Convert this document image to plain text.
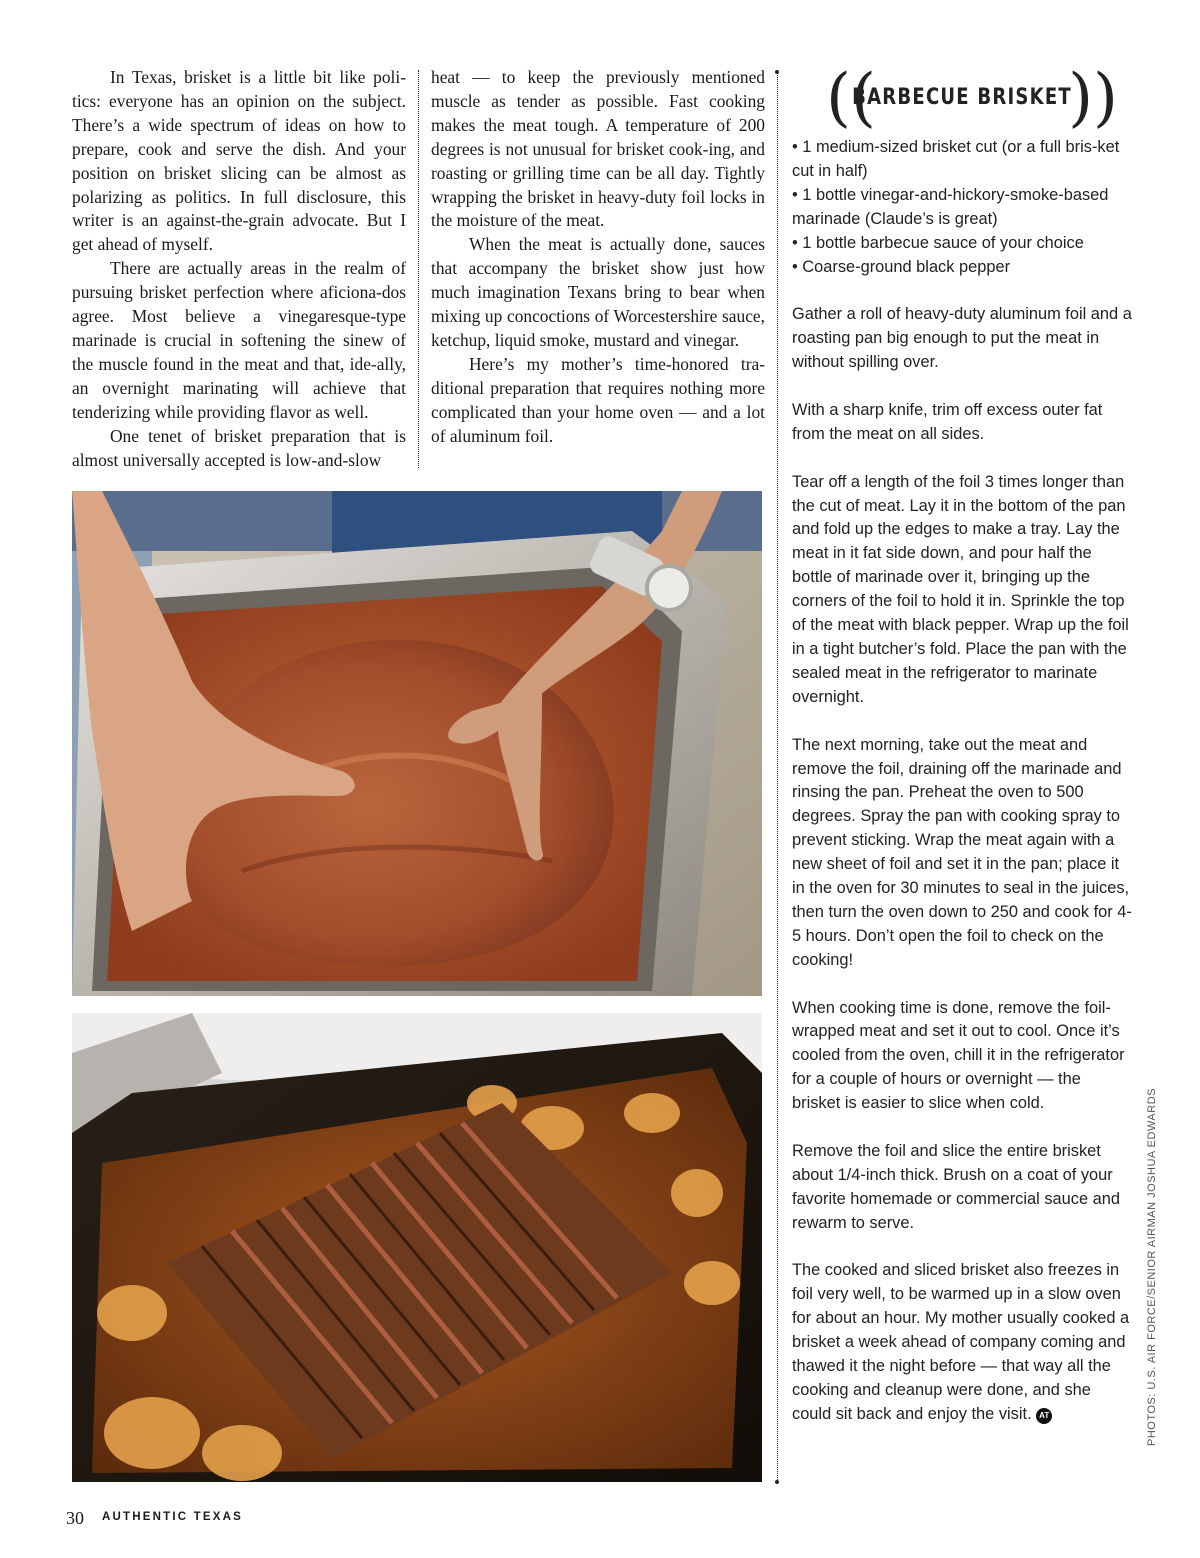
In Texas, brisket is a little bit like poli-tics: everyone has an opinion on the subject. There’s a wide spectrum of ideas on how to prepare, cook and serve the dish. And your position on brisket slicing can be almost as polarizing as politics. In full disclosure, this writer is an against-the-grain advocate. But I get ahead of myself.

There are actually areas in the realm of pursuing brisket perfection where aficiona-dos agree. Most believe a vinegaresque-type marinade is crucial in softening the sinew of the muscle found in the meat and that, ide-ally, an overnight marinating will achieve that tenderizing while providing flavor as well.

One tenet of brisket preparation that is almost universally accepted is low-and-slow

heat — to keep the previously mentioned muscle as tender as possible. Fast cooking makes the meat tough. A temperature of 200 degrees is not unusual for brisket cook-ing, and roasting or grilling time can be all day. Tightly wrapping the brisket in heavy-duty foil locks in the moisture of the meat.

When the meat is actually done, sauces that accompany the brisket show just how much imagination Texans bring to bear when mixing up concoctions of Worcestershire sauce, ketchup, liquid smoke, mustard and vinegar.

Here’s my mother’s time-honored tra-ditional preparation that requires nothing more complicated than your home oven — and a lot of aluminum foil.

((
BARBECUE BRISKET
))
• 1 medium-sized brisket cut (or a full bris-ket cut in half)
• 1 bottle vinegar-and-hickory-smoke-based marinade (Claude’s is great)
• 1 bottle barbecue sauce of your choice
• Coarse-ground black pepper

Gather a roll of heavy-duty aluminum foil and a roasting pan big enough to put the meat in without spilling over.

With a sharp knife, trim off excess outer fat from the meat on all sides.

Tear off a length of the foil 3 times longer than the cut of meat. Lay it in the bottom of the pan and fold up the edges to make a tray. Lay the meat in it fat side down, and pour half the bottle of marinade over it, bringing up the corners of the foil to hold it in. Sprinkle the top of the meat with black pepper. Wrap up the foil in a tight butcher’s fold. Place the pan with the sealed meat in the refrigerator to marinate overnight.

The next morning, take out the meat and remove the foil, draining off the marinade and rinsing the pan. Preheat the oven to 500 degrees. Spray the pan with cooking spray to prevent sticking. Wrap the meat again with a new sheet of foil and set it in the pan; place it in the oven for 30 minutes to seal in the juices, then turn the oven down to 250 and cook for 4-5 hours. Don’t open the foil to check on the cooking!

When cooking time is done, remove the foil-wrapped meat and set it out to cool. Once it’s cooled from the oven, chill it in the refrigerator for a couple of hours or overnight — the brisket is easier to slice when cold.

Remove the foil and slice the entire brisket about 1/4-inch thick. Brush on a coat of your favorite homemade or commercial sauce and rewarm to serve.

The cooked and sliced brisket also freezes in foil very well, to be warmed up in a slow oven for about an hour. My mother usually cooked a brisket a week ahead of company coming and thawed it the night before — that way all the cooking and cleanup were done, and she could sit back and enjoy the visit. AT	PHOTOS: U.S. AIR FORCE/SENIOR AIRMAN JOSHUA EDWARDS
30 AUTHENTIC TEXAS
